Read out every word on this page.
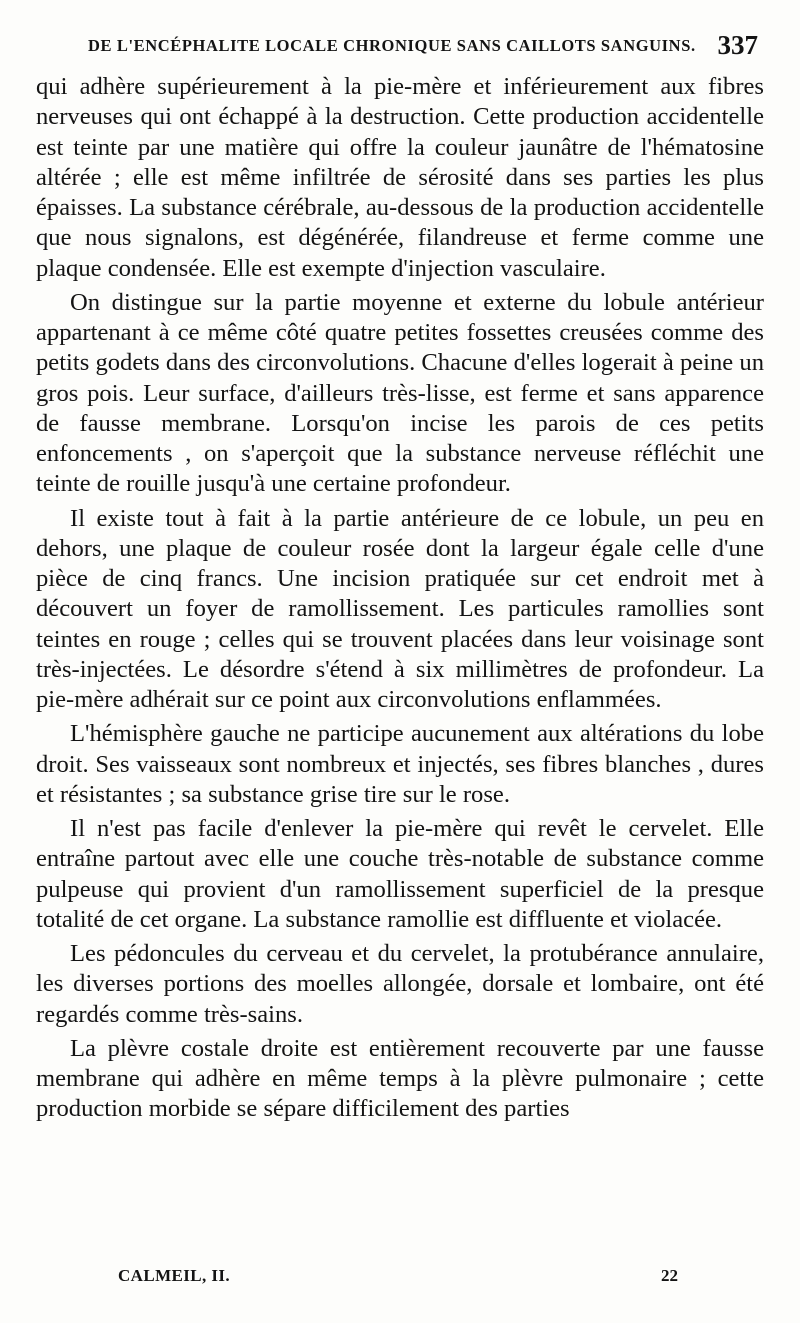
DE L'ENCÉPHALITE LOCALE CHRONIQUE SANS CAILLOTS SANGUINS. 337

qui adhère supérieurement à la pie-mère et inférieurement aux fibres nerveuses qui ont échappé à la destruction. Cette production accidentelle est teinte par une matière qui offre la couleur jaunâtre de l'hématosine altérée ; elle est même infiltrée de sérosité dans ses parties les plus épaisses. La substance cérébrale, au-dessous de la production accidentelle que nous signalons, est dégénérée, filandreuse et ferme comme une plaque condensée. Elle est exempte d'injection vasculaire.

On distingue sur la partie moyenne et externe du lobule antérieur appartenant à ce même côté quatre petites fossettes creusées comme des petits godets dans des circonvolutions. Chacune d'elles logerait à peine un gros pois. Leur surface, d'ailleurs très-lisse, est ferme et sans apparence de fausse membrane. Lorsqu'on incise les parois de ces petits enfoncements , on s'aperçoit que la substance nerveuse réfléchit une teinte de rouille jusqu'à une certaine profondeur.

Il existe tout à fait à la partie antérieure de ce lobule, un peu en dehors, une plaque de couleur rosée dont la largeur égale celle d'une pièce de cinq francs. Une incision pratiquée sur cet endroit met à découvert un foyer de ramollissement. Les particules ramollies sont teintes en rouge ; celles qui se trouvent placées dans leur voisinage sont très-injectées. Le désordre s'étend à six millimètres de profondeur. La pie-mère adhérait sur ce point aux circonvolutions enflammées.

L'hémisphère gauche ne participe aucunement aux altérations du lobe droit. Ses vaisseaux sont nombreux et injectés, ses fibres blanches , dures et résistantes ; sa substance grise tire sur le rose.

Il n'est pas facile d'enlever la pie-mère qui revêt le cervelet. Elle entraîne partout avec elle une couche très-notable de substance comme pulpeuse qui provient d'un ramollissement superficiel de la presque totalité de cet organe. La substance ramollie est diffluente et violacée.

Les pédoncules du cerveau et du cervelet, la protubérance annulaire, les diverses portions des moelles allongée, dorsale et lombaire, ont été regardés comme très-sains.

La plèvre costale droite est entièrement recouverte par une fausse membrane qui adhère en même temps à la plèvre pulmonaire ; cette production morbide se sépare difficilement des parties

CALMEIL, II.	22
